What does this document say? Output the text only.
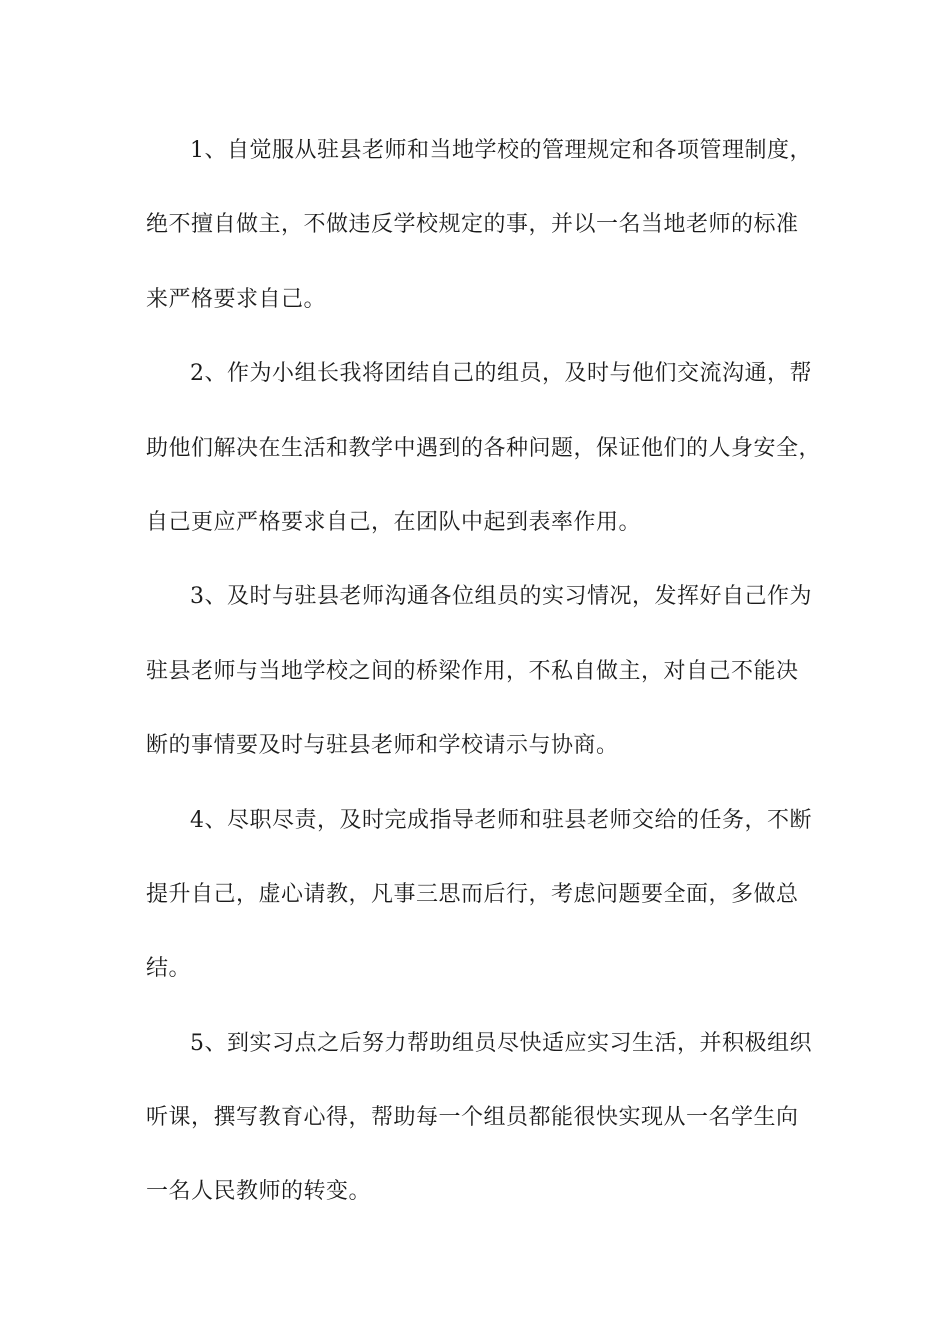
1、自觉服从驻县老师和当地学校的管理规定和各项管理制度，
绝不擅自做主，不做违反学校规定的事，并以一名当地老师的标准
来严格要求自己。
2、作为小组长我将团结自己的组员，及时与他们交流沟通，帮
助他们解决在生活和教学中遇到的各种问题，保证他们的人身安全，
自己更应严格要求自己，在团队中起到表率作用。
3、及时与驻县老师沟通各位组员的实习情况，发挥好自己作为
驻县老师与当地学校之间的桥梁作用，不私自做主，对自己不能决
断的事情要及时与驻县老师和学校请示与协商。
4、尽职尽责，及时完成指导老师和驻县老师交给的任务，不断
提升自己，虚心请教，凡事三思而后行，考虑问题要全面，多做总
结。
5、到实习点之后努力帮助组员尽快适应实习生活，并积极组织
听课，撰写教育心得，帮助每一个组员都能很快实现从一名学生向
一名人民教师的转变。
